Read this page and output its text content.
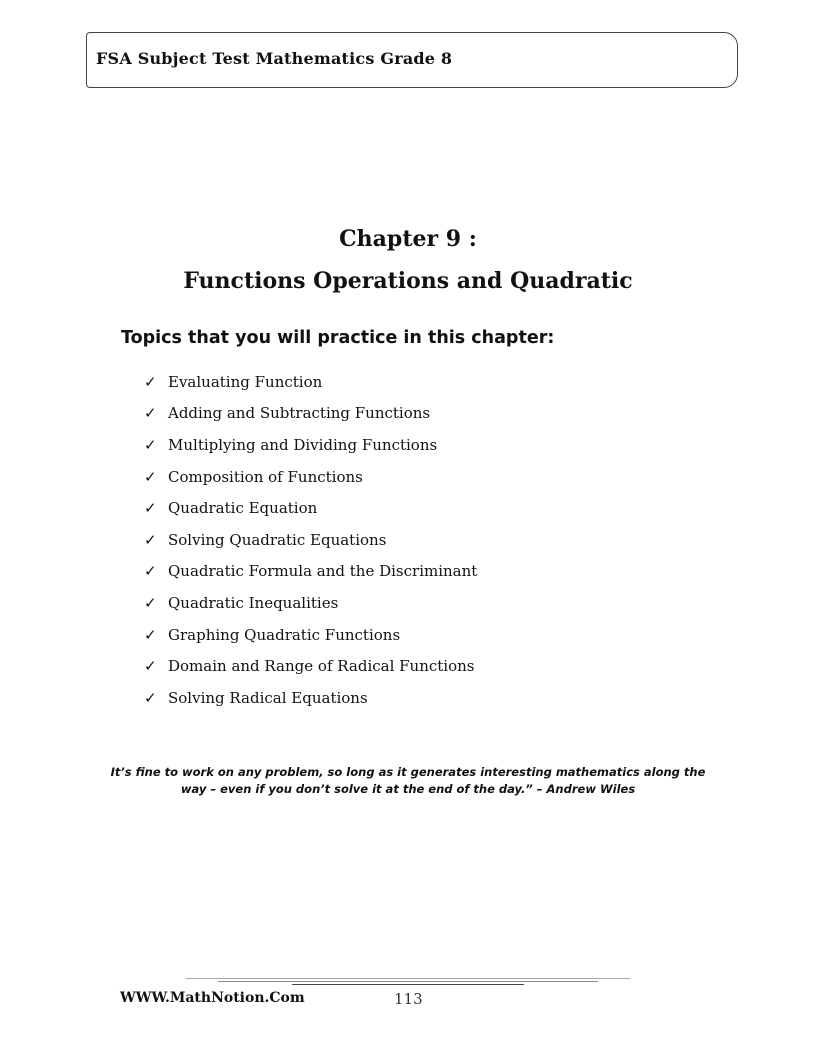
FSA Subject Test Mathematics Grade 8
Chapter 9 :
Functions Operations and Quadratic
Topics that you will practice in this chapter:
✓ Evaluating Function
✓ Adding and Subtracting Functions
✓ Multiplying and Dividing Functions
✓ Composition of Functions
✓ Quadratic Equation
✓ Solving Quadratic Equations
✓ Quadratic Formula and the Discriminant
✓ Quadratic Inequalities
✓ Graphing Quadratic Functions
✓ Domain and Range of Radical Functions
✓ Solving Radical Equations
It’s fine to work on any problem, so long as it generates interesting mathematics along the way – even if you don’t solve it at the end of the day.” – Andrew Wiles
WWW.MathNotion.Com	113
